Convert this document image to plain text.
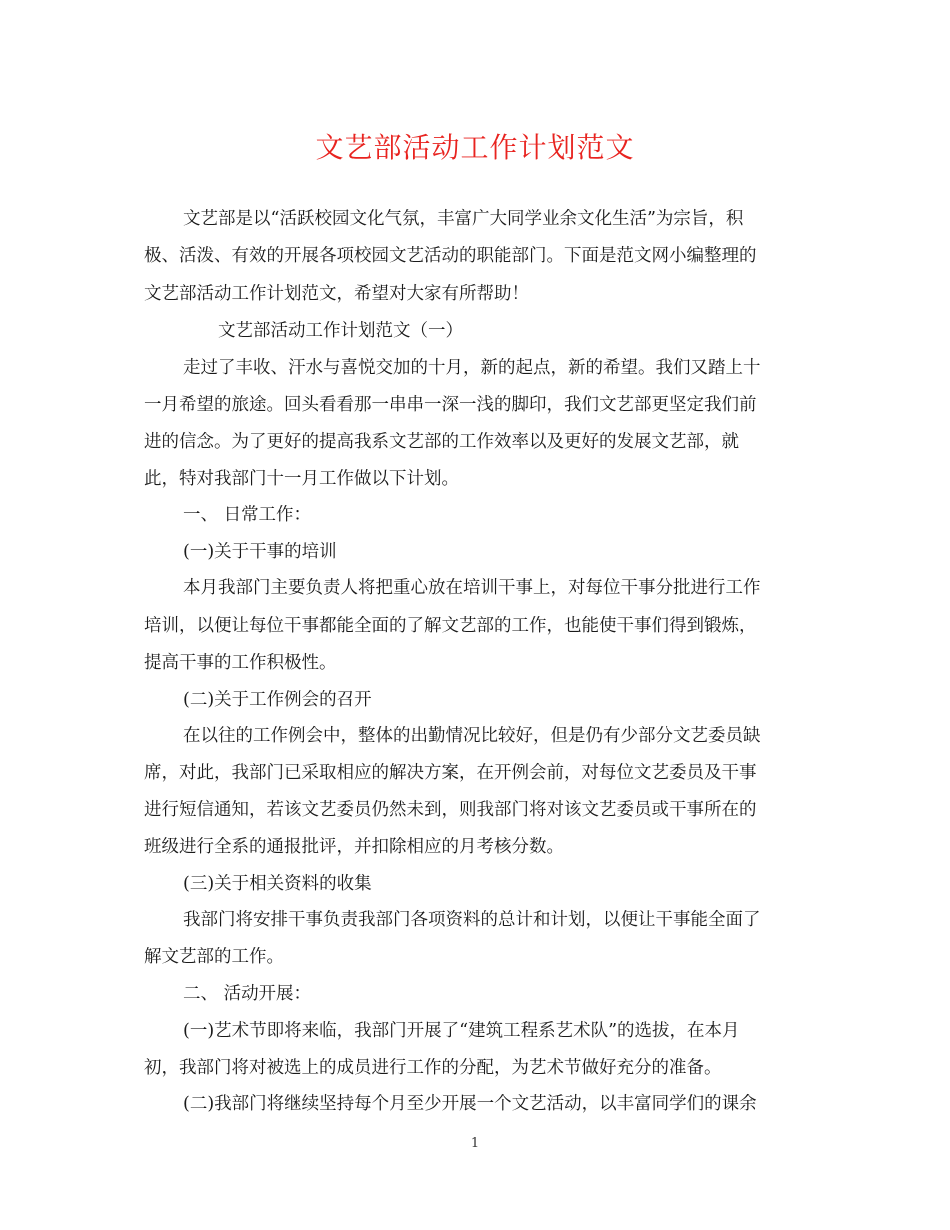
文艺部活动工作计划范文
文艺部是以“活跃校园文化气氛，丰富广大同学业余文化生活”为宗旨，积
极、活泼、有效的开展各项校园文艺活动的职能部门。下面是范文网小编整理的
文艺部活动工作计划范文，希望对大家有所帮助！
文艺部活动工作计划范文（一）
走过了丰收、汗水与喜悦交加的十月，新的起点，新的希望。我们又踏上十
一月希望的旅途。回头看看那一串串一深一浅的脚印，我们文艺部更坚定我们前
进的信念。为了更好的提高我系文艺部的工作效率以及更好的发展文艺部，就
此，特对我部门十一月工作做以下计划。
一、 日常工作：
(一)关于干事的培训
本月我部门主要负责人将把重心放在培训干事上，对每位干事分批进行工作
培训，以便让每位干事都能全面的了解文艺部的工作，也能使干事们得到锻炼，
提高干事的工作积极性。
(二)关于工作例会的召开
在以往的工作例会中，整体的出勤情况比较好，但是仍有少部分文艺委员缺
席，对此，我部门已采取相应的解决方案，在开例会前，对每位文艺委员及干事
进行短信通知，若该文艺委员仍然未到，则我部门将对该文艺委员或干事所在的
班级进行全系的通报批评，并扣除相应的月考核分数。
(三)关于相关资料的收集
我部门将安排干事负责我部门各项资料的总计和计划，以便让干事能全面了
解文艺部的工作。
二、 活动开展：
(一)艺术节即将来临，我部门开展了“建筑工程系艺术队”的选拔，在本月
初，我部门将对被选上的成员进行工作的分配，为艺术节做好充分的准备。
(二)我部门将继续坚持每个月至少开展一个文艺活动，以丰富同学们的课余
1
